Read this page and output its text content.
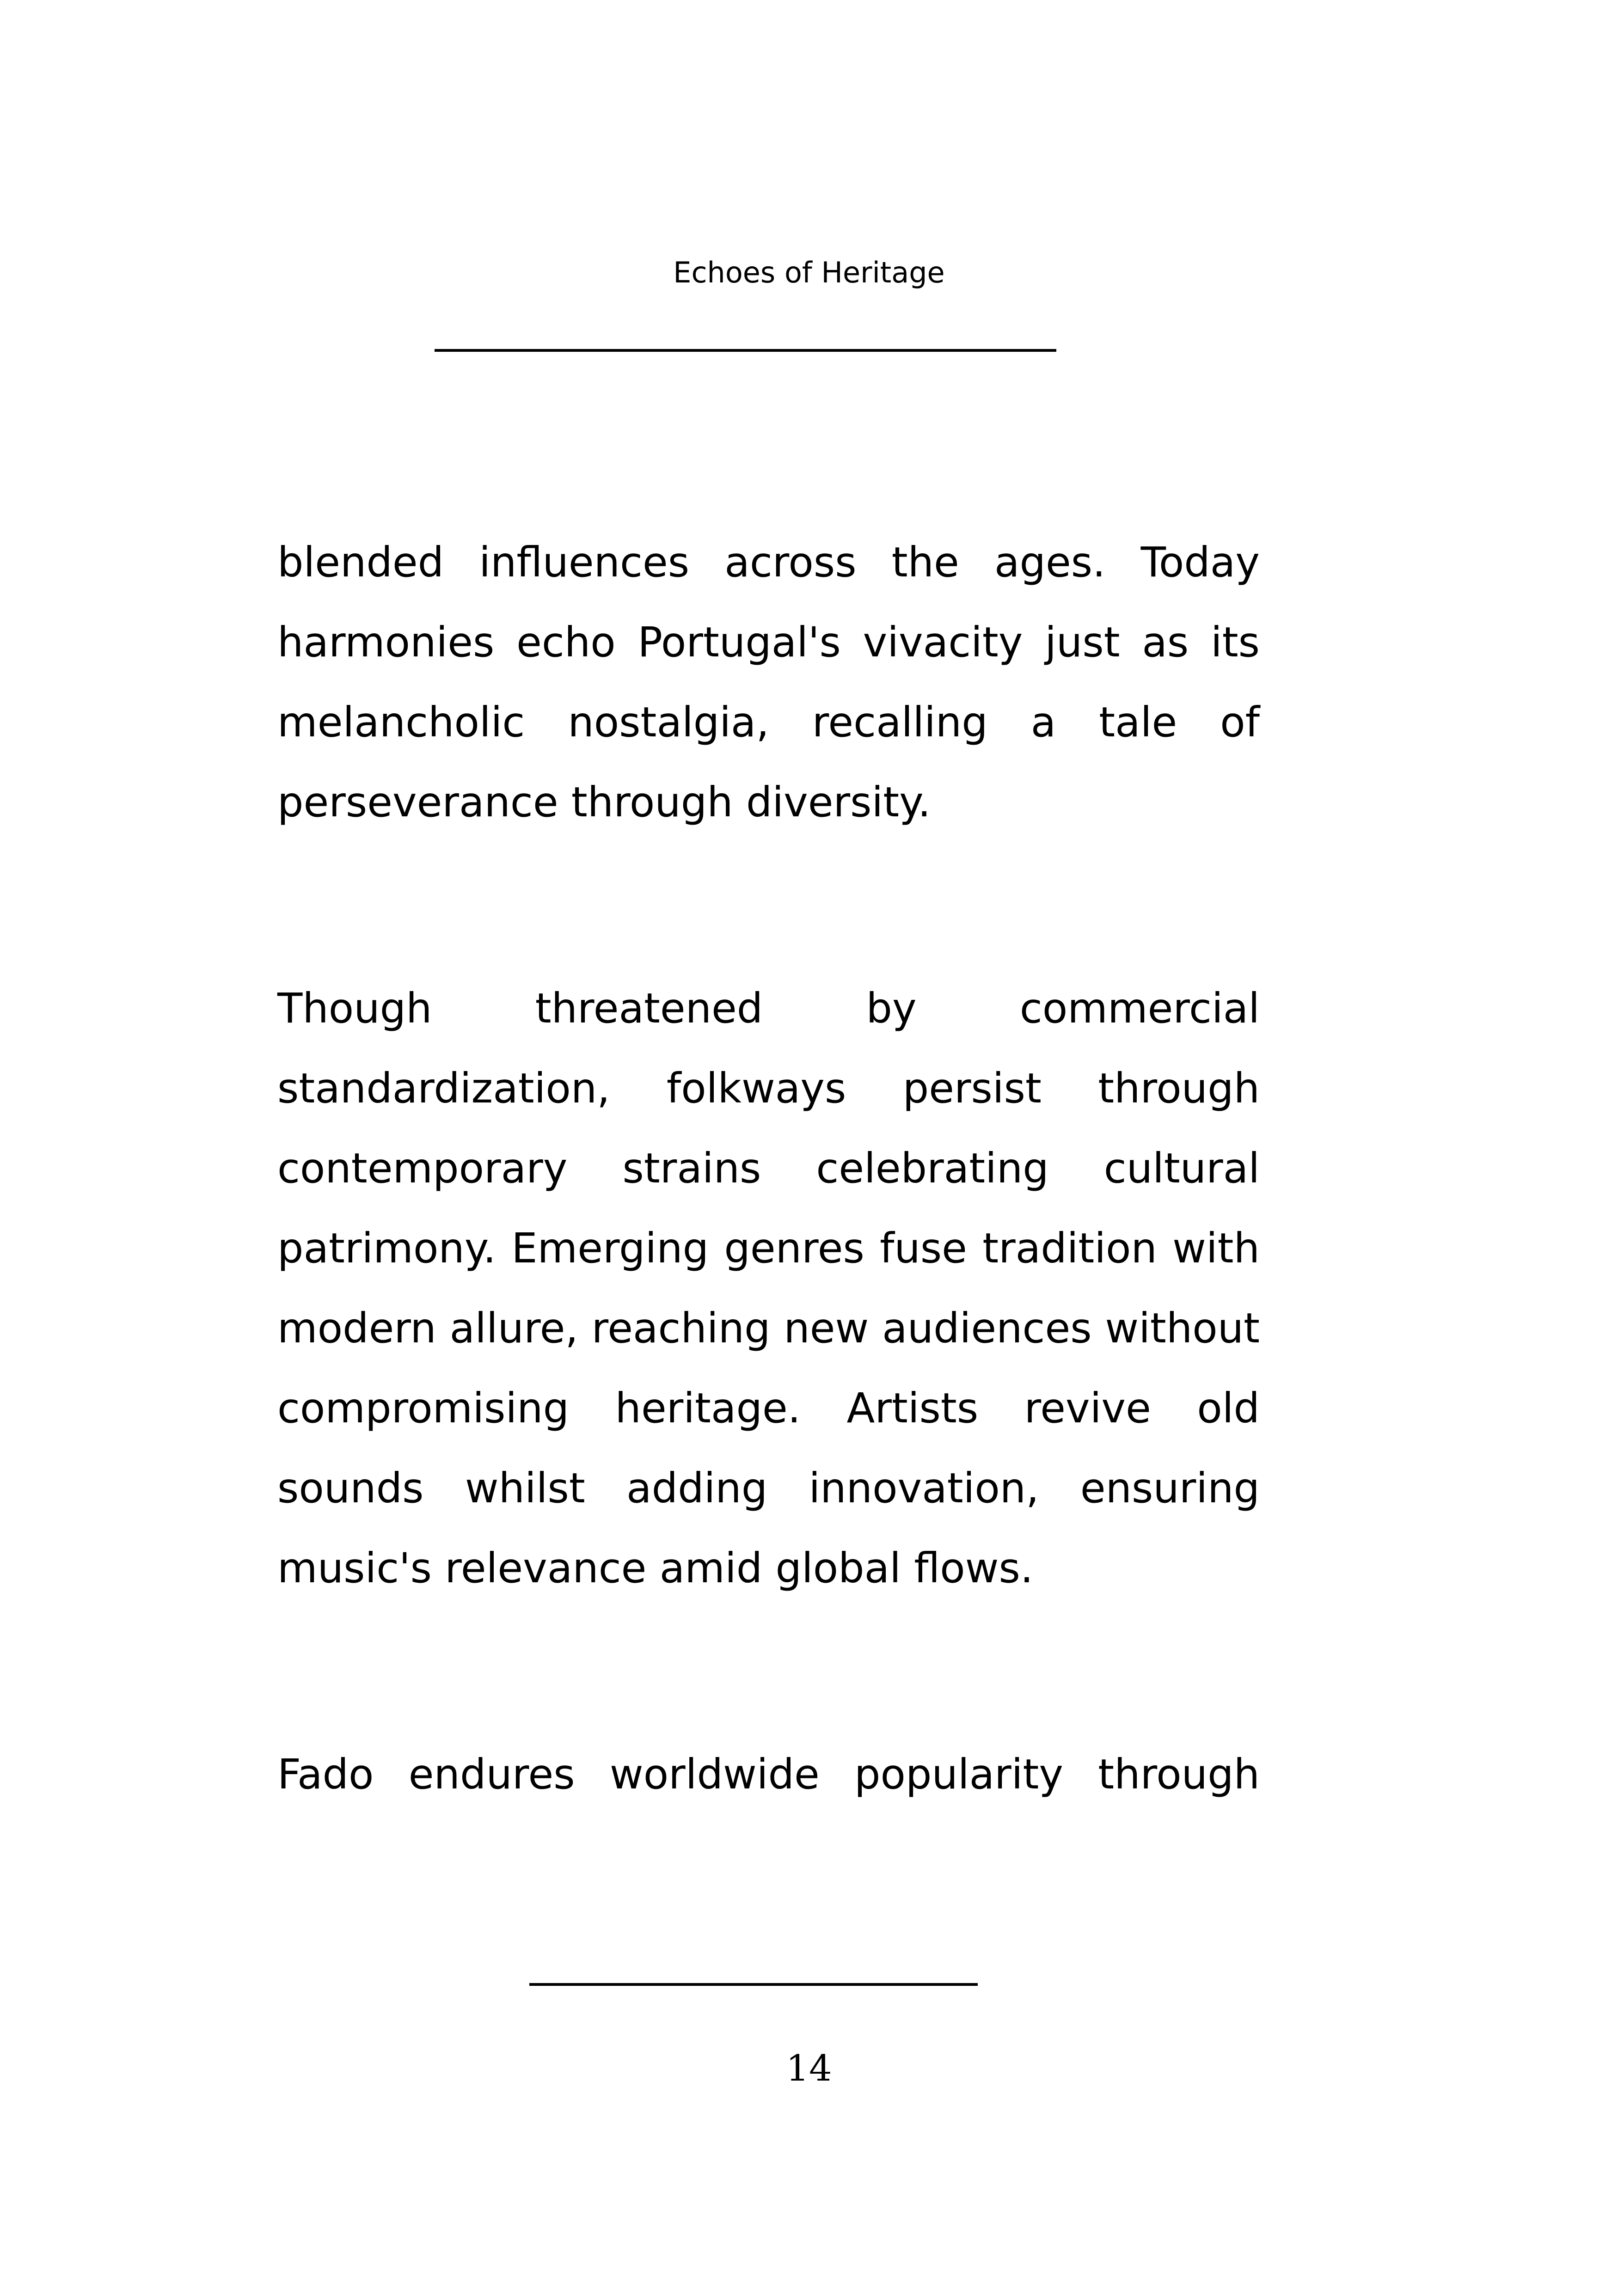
Echoes of Heritage

blended influences across the ages. Today harmonies echo Portugal's vivacity just as its melancholic nostalgia, recalling a tale of perseverance through diversity.

Though threatened by commercial standardization, folkways persist through contemporary strains celebrating cultural patrimony. Emerging genres fuse tradition with modern allure, reaching new audiences without compromising heritage. Artists revive old sounds whilst adding innovation, ensuring music's relevance amid global flows.

Fado endures worldwide popularity through

14
